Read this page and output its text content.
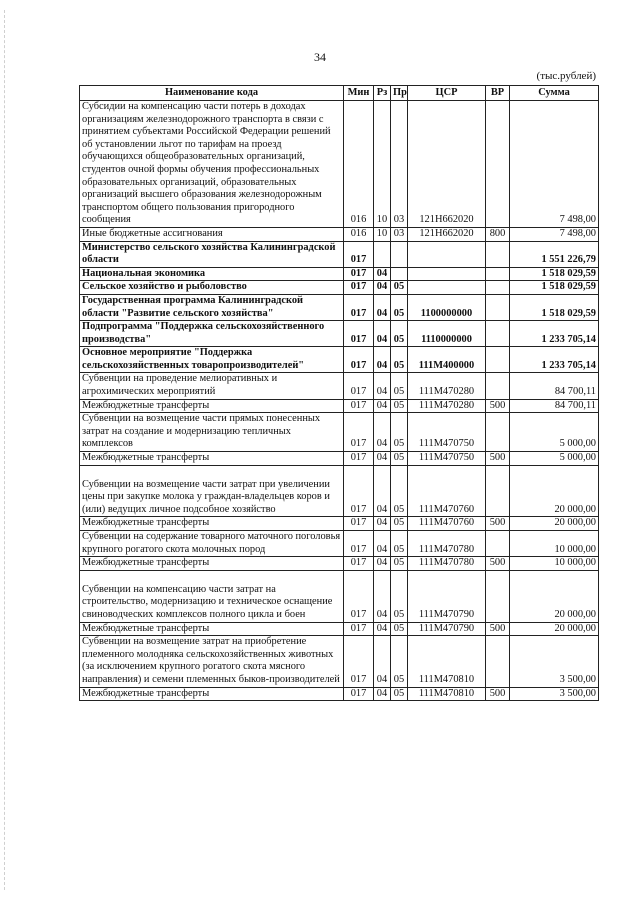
34
(тыс.рублей)
Наименование кода	Мин	Рз	Пр	ЦСР	ВР	Сумма
Субсидии на компенсацию части потерь в доходах организациям железнодорожного транспорта в связи с принятием субъектами Российской Федерации решений об установлении льгот по тарифам на проезд обучающихся общеобразовательных организаций, студентов очной формы обучения профессиональных образовательных организаций, образовательных организаций высшего образования железнодорожным транспортом общего пользования пригородного сообщения	016	10	03	121Н662020		7 498,00
Иные бюджетные ассигнования	016	10	03	121Н662020	800	7 498,00
Министерство сельского хозяйства Калининградской области	017					1 551 226,79
Национальная экономика	017	04				1 518 029,59
Сельское хозяйство и рыболовство	017	04	05			1 518 029,59
Государственная программа Калининградской области "Развитие сельского хозяйства"	017	04	05	1100000000		1 518 029,59
Подпрограмма "Поддержка сельскохозяйственного производства"	017	04	05	1110000000		1 233 705,14
Основное мероприятие "Поддержка сельскохозяйственных товаропроизводителей"	017	04	05	111М400000		1 233 705,14
Субвенции на проведение мелиоративных и агрохимических мероприятий	017	04	05	111М470280		84 700,11
Межбюджетные трансферты	017	04	05	111М470280	500	84 700,11
Субвенции на возмещение части прямых понесенных затрат на создание и модернизацию тепличных комплексов	017	04	05	111М470750		5 000,00
Межбюджетные трансферты	017	04	05	111М470750	500	5 000,00
Субвенции на возмещение части затрат при увеличении цены при закупке молока у граждан-владельцев коров и (или) ведущих личное подсобное хозяйство	017	04	05	111М470760		20 000,00
Межбюджетные трансферты	017	04	05	111М470760	500	20 000,00
Субвенции на содержание товарного маточного поголовья крупного рогатого скота молочных пород	017	04	05	111М470780		10 000,00
Межбюджетные трансферты	017	04	05	111М470780	500	10 000,00
Субвенции на компенсацию части затрат на строительство, модернизацию и техническое оснащение свиноводческих комплексов полного цикла и боен	017	04	05	111М470790		20 000,00
Межбюджетные трансферты	017	04	05	111М470790	500	20 000,00
Субвенции на возмещение затрат на приобретение племенного молодняка сельскохозяйственных животных (за исключением крупного рогатого скота мясного направления) и семени племенных быков-производителей	017	04	05	111М470810		3 500,00
Межбюджетные трансферты	017	04	05	111М470810	500	3 500,00
